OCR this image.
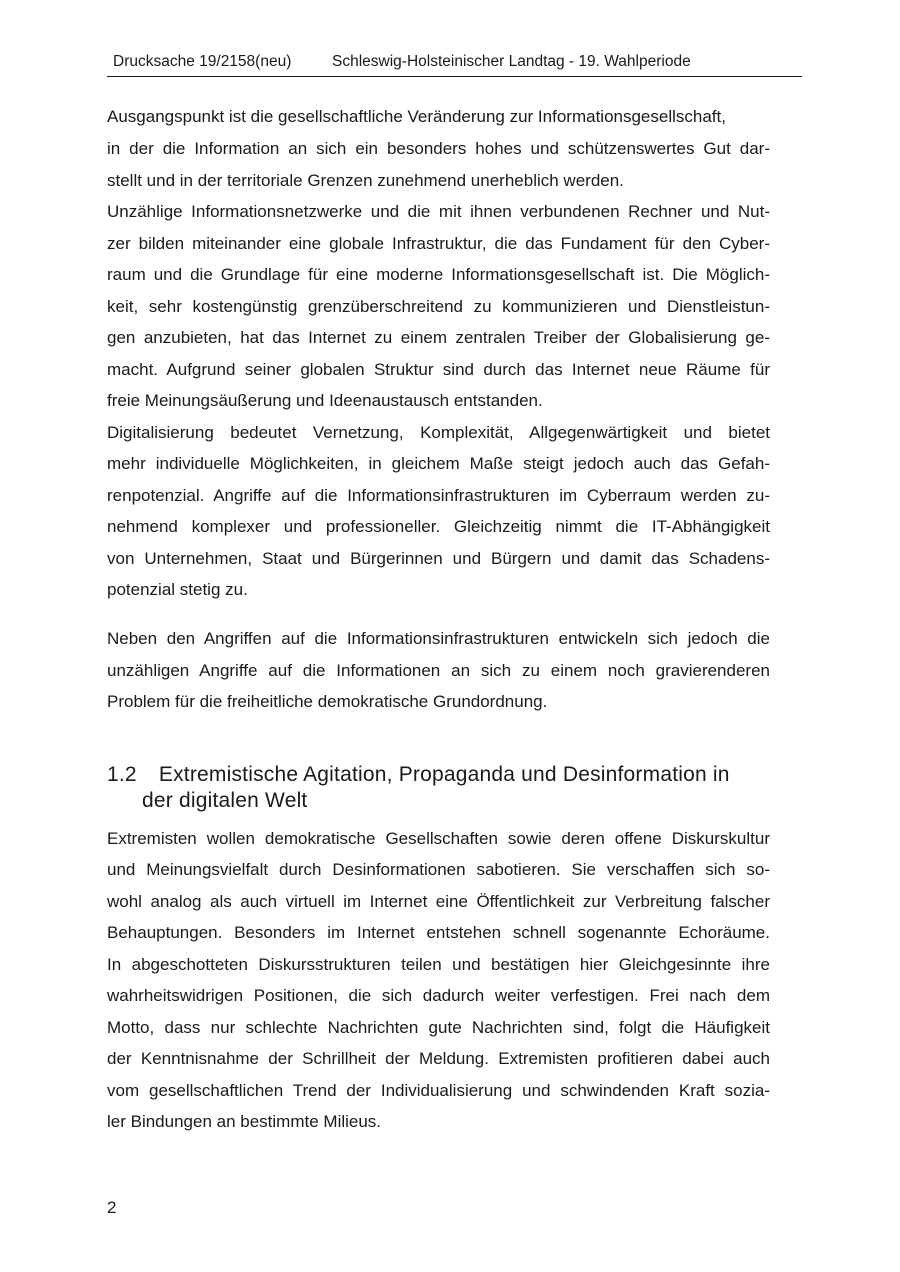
Drucksache 19/2158(neu)	Schleswig-Holsteinischer Landtag - 19. Wahlperiode
Ausgangspunkt ist die gesellschaftliche Veränderung zur Informationsgesellschaft,
in der die Information an sich ein besonders hohes und schützenswertes Gut dar-
stellt und in der territoriale Grenzen zunehmend unerheblich werden.
Unzählige Informationsnetzwerke und die mit ihnen verbundenen Rechner und Nut-
zer bilden miteinander eine globale Infrastruktur, die das Fundament für den Cyber-
raum und die Grundlage für eine moderne Informationsgesellschaft ist. Die Möglich-
keit, sehr kostengünstig grenzüberschreitend zu kommunizieren und Dienstleistun-
gen anzubieten, hat das Internet zu einem zentralen Treiber der Globalisierung ge-
macht. Aufgrund seiner globalen Struktur sind durch das Internet neue Räume für
freie Meinungsäußerung und Ideenaustausch entstanden.
Digitalisierung bedeutet Vernetzung, Komplexität, Allgegenwärtigkeit und bietet
mehr individuelle Möglichkeiten, in gleichem Maße steigt jedoch auch das Gefah-
renpotenzial. Angriffe auf die Informationsinfrastrukturen im Cyberraum werden zu-
nehmend komplexer und professioneller. Gleichzeitig nimmt die IT-Abhängigkeit
von Unternehmen, Staat und Bürgerinnen und Bürgern und damit das Schadens-
potenzial stetig zu.
Neben den Angriffen auf die Informationsinfrastrukturen entwickeln sich jedoch die
unzähligen Angriffe auf die Informationen an sich zu einem noch gravierenderen
Problem für die freiheitliche demokratische Grundordnung.
Extremisten wollen demokratische Gesellschaften sowie deren offene Diskurskultur
und Meinungsvielfalt durch Desinformationen sabotieren. Sie verschaffen sich so-
wohl analog als auch virtuell im Internet eine Öffentlichkeit zur Verbreitung falscher
Behauptungen. Besonders im Internet entstehen schnell sogenannte Echoräume.
In abgeschotteten Diskursstrukturen teilen und bestätigen hier Gleichgesinnte ihre
wahrheitswidrigen Positionen, die sich dadurch weiter verfestigen. Frei nach dem
Motto, dass nur schlechte Nachrichten gute Nachrichten sind, folgt die Häufigkeit
der Kenntnisnahme der Schrillheit der Meldung. Extremisten profitieren dabei auch
vom gesellschaftlichen Trend der Individualisierung und schwindenden Kraft sozia-
ler Bindungen an bestimmte Milieus.
1.2 Extremistische Agitation, Propaganda und Desinformation in
der digitalen Welt
2
